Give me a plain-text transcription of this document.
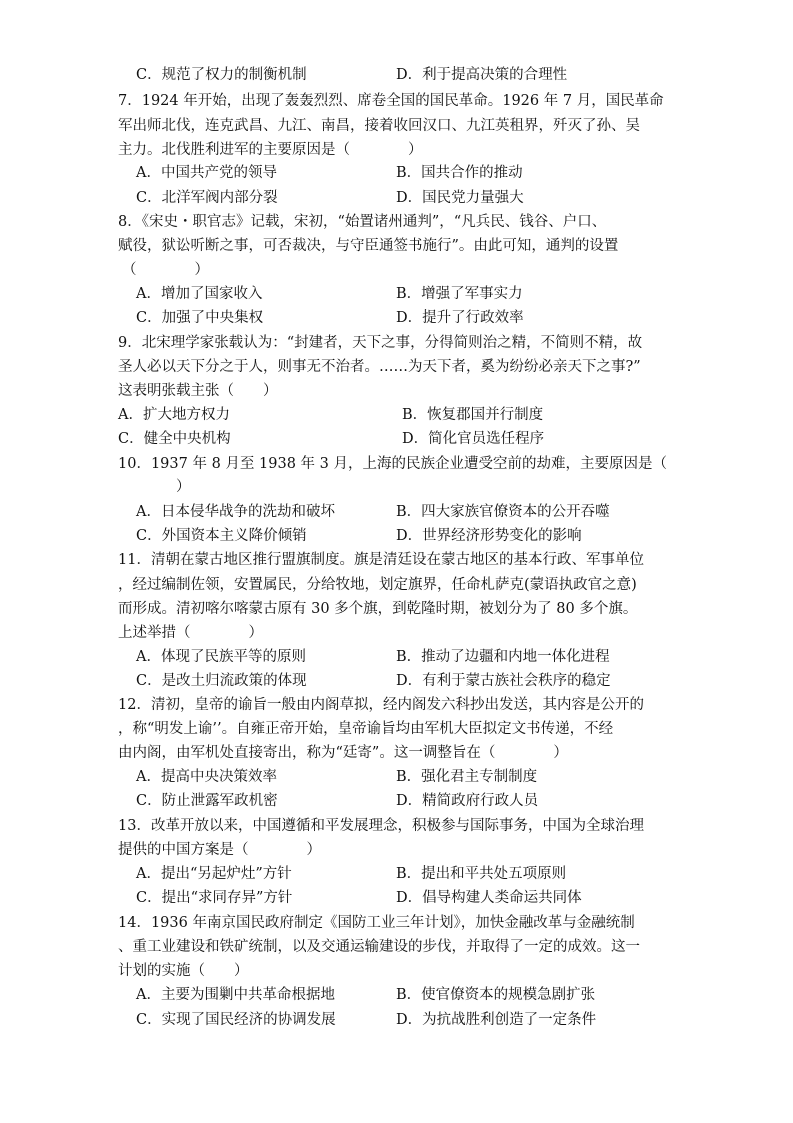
C．规范了权力的制衡机制	D．利于提高决策的合理性
7．1924 年开始，出现了轰轰烈烈、席卷全国的国民革命。1926 年 7 月，国民革命
军出师北伐，连克武昌、九江、南昌，接着收回汉口、九江英租界，歼灭了孙、吴
主力。北伐胜利进军的主要原因是（　　　　）
A．中国共产党的领导	B．国共合作的推动
C．北洋军阀内部分裂	D．国民党力量强大
8．《宋史・职官志》记载，宋初，“始置诸州通判”，“凡兵民、钱谷、户口、
赋役，狱讼听断之事，可否裁决，与守臣通签书施行”。由此可知，通判的设置
（　　　　）
A．增加了国家收入	B．增强了军事实力
C．加强了中央集权	D．提升了行政效率
9．北宋理学家张载认为：“封建者，天下之事，分得简则治之精，不简则不精，故
圣人必以天下分之于人，则事无不治者。……为天下者，奚为纷纷必亲天下之事?”
这表明张载主张（　　）
A．扩大地方权力	B．恢复郡国并行制度
C．健全中央机构	D．简化官员选任程序
10．1937 年 8 月至 1938 年 3 月，上海的民族企业遭受空前的劫难，主要原因是（
　　　　）
A．日本侵华战争的洗劫和破坏	B．四大家族官僚资本的公开吞噬
C．外国资本主义降价倾销	D．世界经济形势变化的影响
11．清朝在蒙古地区推行盟旗制度。旗是清廷设在蒙古地区的基本行政、军事单位
，经过编制佐领，安置属民，分给牧地，划定旗界，任命札萨克(蒙语执政官之意)
而形成。清初喀尔喀蒙古原有 30 多个旗，到乾隆时期，被划分为了 80 多个旗。
上述举措（　　　　）
A．体现了民族平等的原则	B．推动了边疆和内地一体化进程
C．是改土归流政策的体现	D．有利于蒙古族社会秩序的稳定
12．清初，皇帝的谕旨一般由内阁草拟，经内阁发六科抄出发送，其内容是公开的
，称“明发上谕’’。自雍正帝开始，皇帝谕旨均由军机大臣拟定文书传递，不经
由内阁，由军机处直接寄出，称为“廷寄”。这一调整旨在（　　　　）
A．提高中央决策效率	B．强化君主专制制度
C．防止泄露军政机密	D．精简政府行政人员
13．改革开放以来，中国遵循和平发展理念，积极参与国际事务，中国为全球治理
提供的中国方案是（　　　　）
A．提出“另起炉灶”方针	B．提出和平共处五项原则
C．提出“求同存异”方针	D．倡导构建人类命运共同体
14．1936 年南京国民政府制定《国防工业三年计划》，加快金融改革与金融统制
、重工业建设和铁矿统制，以及交通运输建设的步伐，并取得了一定的成效。这一
计划的实施（　　）
A．主要为围剿中共革命根据地	B．使官僚资本的规模急剧扩张
C．实现了国民经济的协调发展	D．为抗战胜利创造了一定条件
